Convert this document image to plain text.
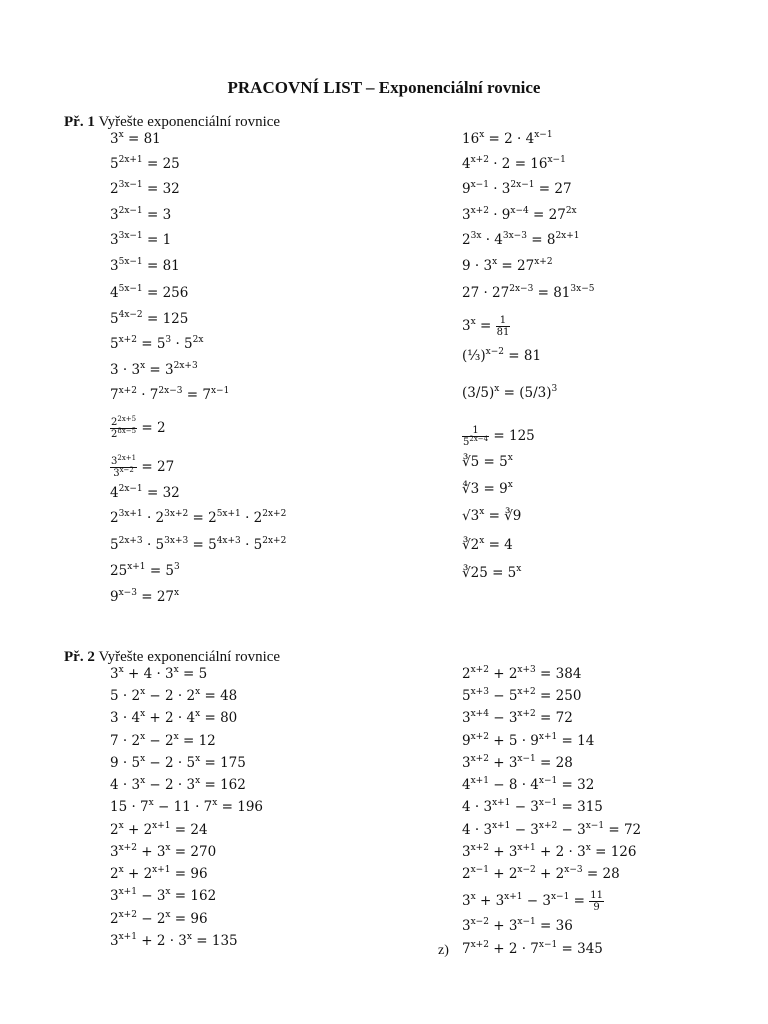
PRACOVNÍ LIST – Exponenciální rovnice
Př. 1 Vyřešte exponenciální rovnice
$3^x = 81$
$5^{2x+1} = 25$
$2^{3x-1} = 32$
$3^{2x-1} = 3$
$3^{3x-1} = 1$
$3^{5x-1} = 81$
$4^{5x-1} = 256$
$5^{4x-2} = 125$
$5^{x+2} = 5^3 \cdot 5^{2x}$
$3 \cdot 3^x = 3^{2x+3}$
$7^{x+2} \cdot 7^{2x-3} = 7^{x-1}$
$\frac{2^{2x+5}}{2^{8x-5}} = 2$
$\frac{3^{2x+1}}{3^{x-2}} = 27$
$4^{2x-1} = 32$
$2^{3x+1} \cdot 2^{3x+2} = 2^{5x+1} \cdot 2^{2x+2}$
$5^{2x+3} \cdot 5^{3x+3} = 5^{4x+3} \cdot 5^{2x+2}$
$25^{x+1} = 5^3$
$9^{x-3} = 27^x$
$16^x = 2 \cdot 4^{x-1}$
$4^{x+2} \cdot 2 = 16^{x-1}$
$9^{x-1} \cdot 3^{2x-1} = 27$
$3^{x+2} \cdot 9^{x-4} = 27^{2x}$
$2^{3x} \cdot 4^{3x-3} = 8^{2x+1}$
$9 \cdot 3^x = 27^{x+2}$
$27 \cdot 27^{2x-3} = 81^{3x-5}$
$3^x = \frac{1}{81}$
(⅓)$^{x-2}$ = 81
$(3/5)^x = (5/3)^3$
$\frac{1}{5^{2x-4}} = 125$
∛5 = $5^x$
∜3 = $9^x$
$√3^x$ = ∛9
$∛2^x = 4$
∛25 = $5^x$
Př. 2 Vyřešte exponenciální rovnice
$3^x + 4 \cdot 3^x = 5$
$5 \cdot 2^x - 2 \cdot 2^x = 48$
$3 \cdot 4^x + 2 \cdot 4^x = 80$
$7 \cdot 2^x - 2^x = 12$
$9 \cdot 5^x - 2 \cdot 5^x = 175$
$4 \cdot 3^x - 2 \cdot 3^x = 162$
$15 \cdot 7^x - 11 \cdot 7^x = 196$
$2^x + 2^{x+1} = 24$
$3^{x+2} + 3^x = 270$
$2^x + 2^{x+1} = 96$
$3^{x+1} - 3^x = 162$
$2^{x+2} - 2^x = 96$
$3^{x+1} + 2 \cdot 3^x = 135$
$2^{x+2} + 2^{x+3} = 384$
$5^{x+3} - 5^{x+2} = 250$
$3^{x+4} - 3^{x+2} = 72$
$9^{x+2} + 5 \cdot 9^{x+1} = 14$
$3^{x+2} + 3^{x-1} = 28$
$4^{x+1} - 8 \cdot 4^{x-1} = 32$
$4 \cdot 3^{x+1} - 3^{x-1} = 315$
$4 \cdot 3^{x+1} - 3^{x+2} - 3^{x-1} = 72$
$3^{x+2} + 3^{x+1} + 2 \cdot 3^x = 126$
$2^{x-1} + 2^{x-2} + 2^{x-3} = 28$
$3^x + 3^{x+1} - 3^{x-1} = \frac{11}{9}$
$3^{x-2} + 3^{x-1} = 36$
$7^{x+2} + 2 \cdot 7^{x-1} = 345$
z)
